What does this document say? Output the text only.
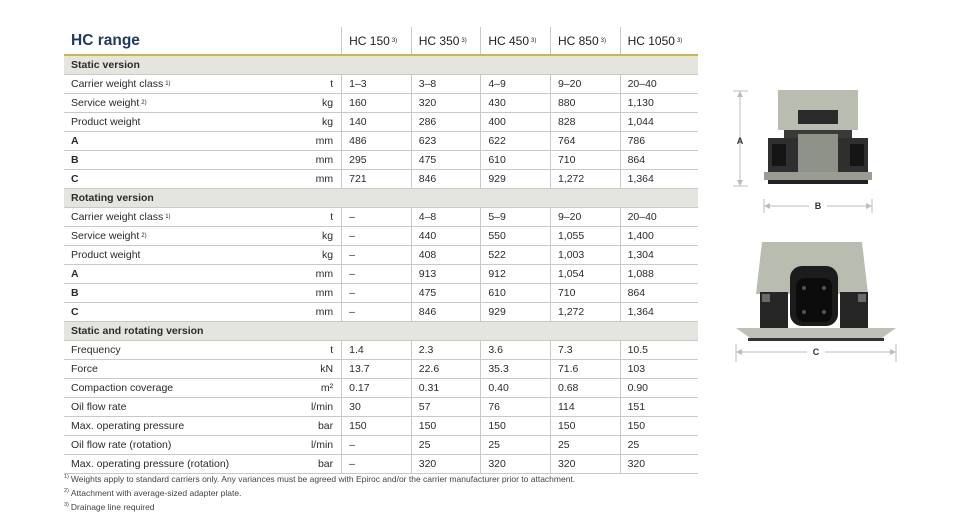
HC range	HC 150 3) HC 350 3) HC 450 3) HC 850 3) HC 1050 3)
Static version
Carrier weight class 1)	t	1–3	3–8	4–9	9–20	20–40
Service weight 2)	kg	160	320	430	880	1,130
Product weight	kg	140	286	400	828	1,044
A	mm	486	623	622	764	786
B	mm	295	475	610	710	864
C	mm	721	846	929	1,272	1,364
Rotating version
Carrier weight class 1)	t	–	4–8	5–9	9–20	20–40
Service weight 2)	kg	–	440	550	1,055	1,400
Product weight	kg	–	408	522	1,003	1,304
A	mm	–	913	912	1,054	1,088
B	mm	–	475	610	710	864
C	mm	–	846	929	1,272	1,364
Static and rotating version
Frequency	t	1.4	2.3	3.6	7.3	10.5
Force	kN	13.7	22.6	35.3	71.6	103
Compaction coverage	m²	0.17	0.31	0.40	0.68	0.90
Oil flow rate	l/min	30	57	76	114	151
Max. operating pressure	bar	150	150	150	150	150
Oil flow rate (rotation)	l/min	–	25	25	25	25
Max. operating pressure (rotation)	bar	–	320	320	320	320
$^{1)}$ Weights apply to standard carriers only. Any variances must be agreed with Epiroc and/or the carrier manufacturer prior to attachment.
$^{2)}$ Attachment with average-sized adapter plate.
$^{3)}$ Drainage line required
A
B
C
